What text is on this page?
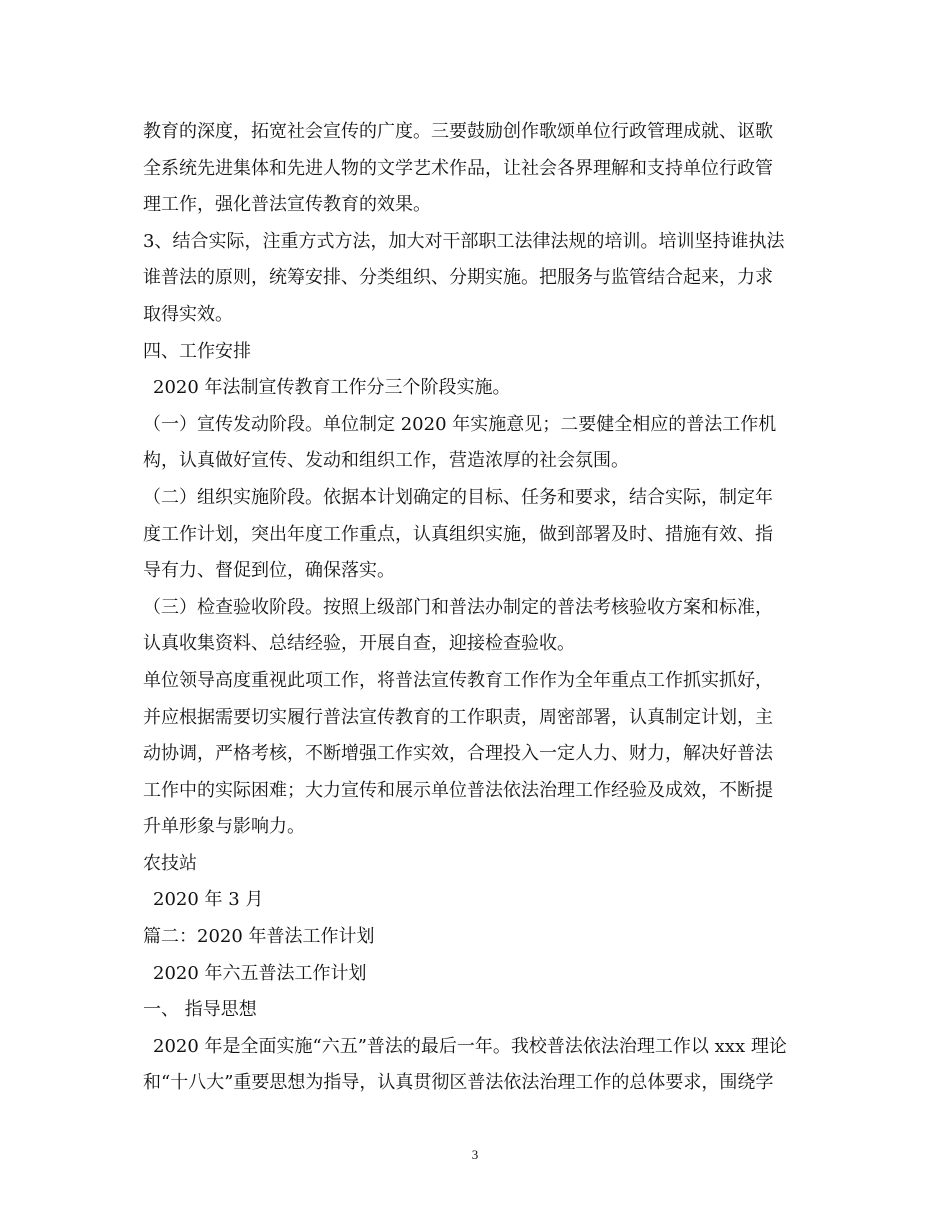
教育的深度，拓宽社会宣传的广度。三要鼓励创作歌颂单位行政管理成就、讴歌
全系统先进集体和先进人物的文学艺术作品，让社会各界理解和支持单位行政管
理工作，强化普法宣传教育的效果。
3、结合实际，注重方式方法，加大对干部职工法律法规的培训。培训坚持谁执法
谁普法的原则，统筹安排、分类组织、分期实施。把服务与监管结合起来，力求
取得实效。
四、工作安排
2020 年法制宣传教育工作分三个阶段实施。
（一）宣传发动阶段。单位制定 2020 年实施意见；二要健全相应的普法工作机
构，认真做好宣传、发动和组织工作，营造浓厚的社会氛围。
（二）组织实施阶段。依据本计划确定的目标、任务和要求，结合实际，制定年
度工作计划，突出年度工作重点，认真组织实施，做到部署及时、措施有效、指
导有力、督促到位，确保落实。
（三）检查验收阶段。按照上级部门和普法办制定的普法考核验收方案和标准，
认真收集资料、总结经验，开展自查，迎接检查验收。
单位领导高度重视此项工作，将普法宣传教育工作作为全年重点工作抓实抓好，
并应根据需要切实履行普法宣传教育的工作职责，周密部署，认真制定计划，主
动协调，严格考核，不断增强工作实效，合理投入一定人力、财力，解决好普法
工作中的实际困难；大力宣传和展示单位普法依法治理工作经验及成效，不断提
升单形象与影响力。
农技站
2020 年 3 月
篇二：2020 年普法工作计划
2020 年六五普法工作计划
一、 指导思想
2020 年是全面实施“六五”普法的最后一年。我校普法依法治理工作以 xxx 理论
和“十八大”重要思想为指导，认真贯彻区普法依法治理工作的总体要求，围绕学
3
